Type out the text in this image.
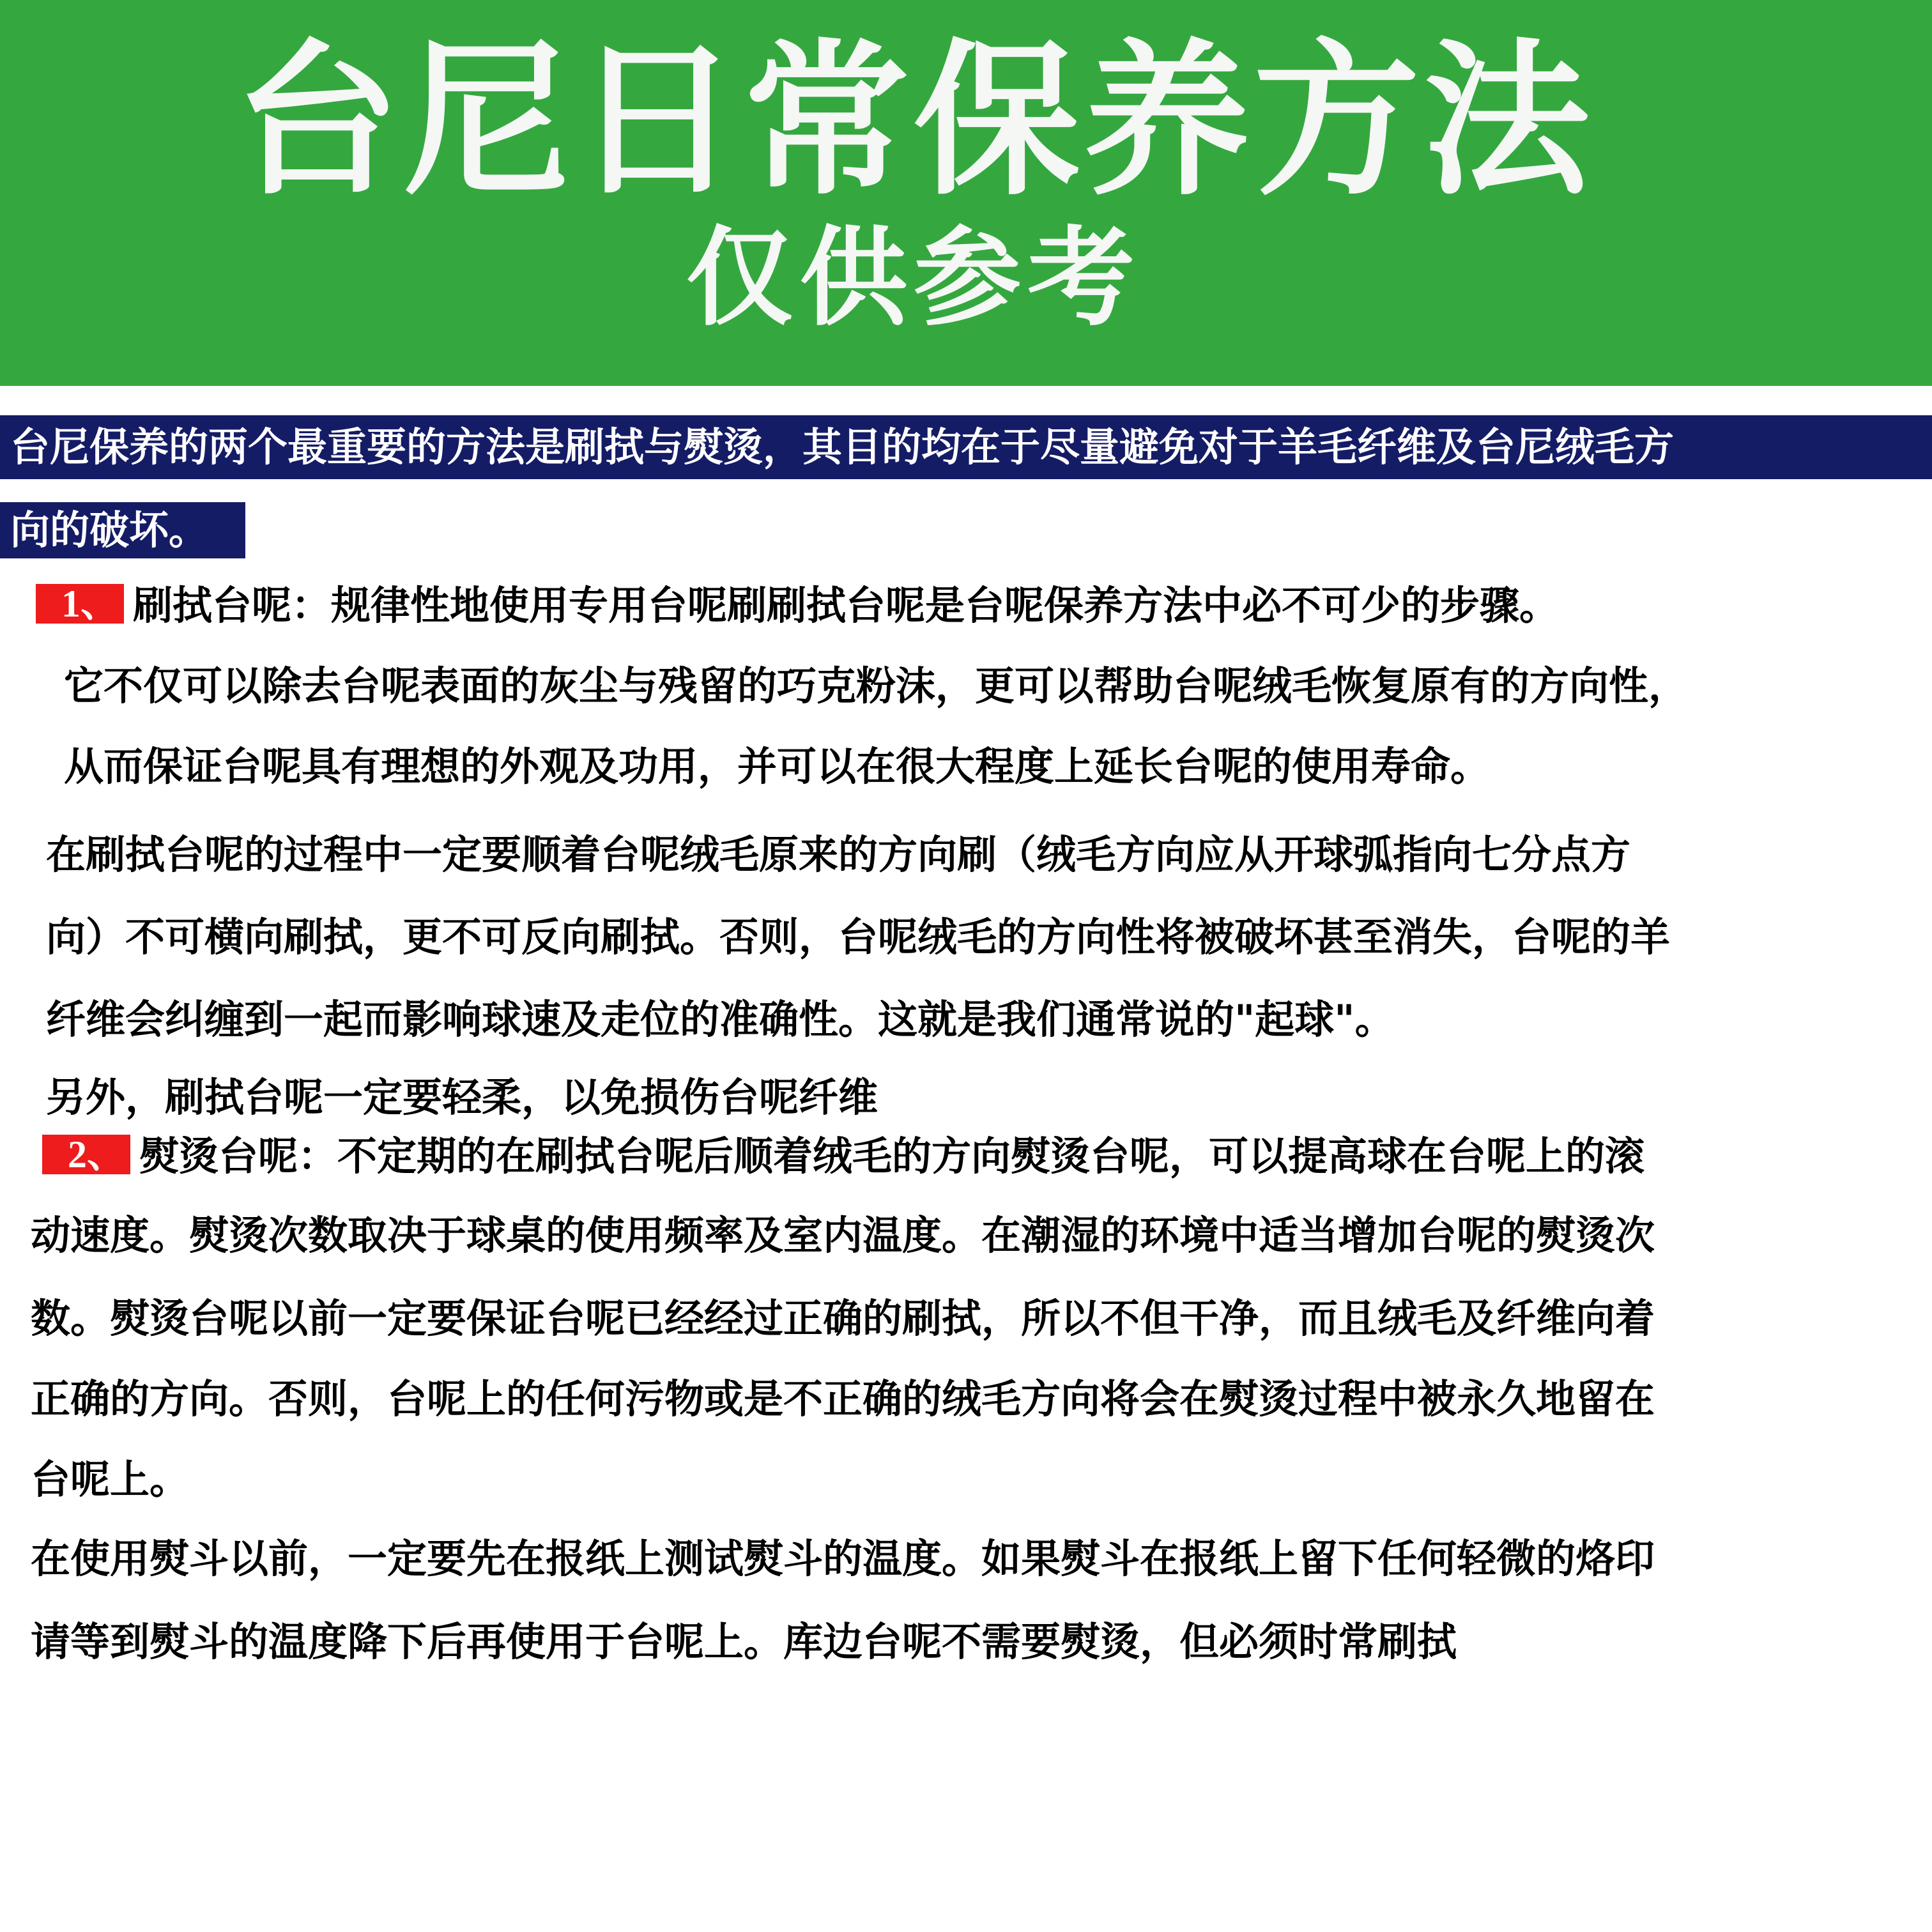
台尼日常保养方法
仅供参考
台尼保养的两个最重要的方法是刷拭与熨烫，其目的均在于尽量避免对于羊毛纤维及台尼绒毛方
向的破坏。
1、 刷拭台呢：规律性地使用专用台呢刷刷拭台呢是台呢保养方法中必不可少的步骤。
它不仅可以除去台呢表面的灰尘与残留的巧克粉沫，更可以帮助台呢绒毛恢复原有的方向性，
从而保证台呢具有理想的外观及功用，并可以在很大程度上延长台呢的使用寿命。
在刷拭台呢的过程中一定要顺着台呢绒毛原来的方向刷（绒毛方向应从开球弧指向七分点方
向）不可横向刷拭，更不可反向刷拭。否则，台呢绒毛的方向性将被破坏甚至消失，台呢的羊
纤维会纠缠到一起而影响球速及走位的准确性。这就是我们通常说的"起球"。
另外，刷拭台呢一定要轻柔，以免损伤台呢纤维
2、 熨烫台呢：不定期的在刷拭台呢后顺着绒毛的方向熨烫台呢，可以提高球在台呢上的滚
动速度。熨烫次数取决于球桌的使用频率及室内温度。在潮湿的环境中适当增加台呢的熨烫次
数。熨烫台呢以前一定要保证台呢已经经过正确的刷拭，所以不但干净，而且绒毛及纤维向着
正确的方向。否则，台呢上的任何污物或是不正确的绒毛方向将会在熨烫过程中被永久地留在
台呢上。
在使用熨斗以前，一定要先在报纸上测试熨斗的温度。如果熨斗在报纸上留下任何轻微的烙印
请等到熨斗的温度降下后再使用于台呢上。库边台呢不需要熨烫，但必须时常刷拭
